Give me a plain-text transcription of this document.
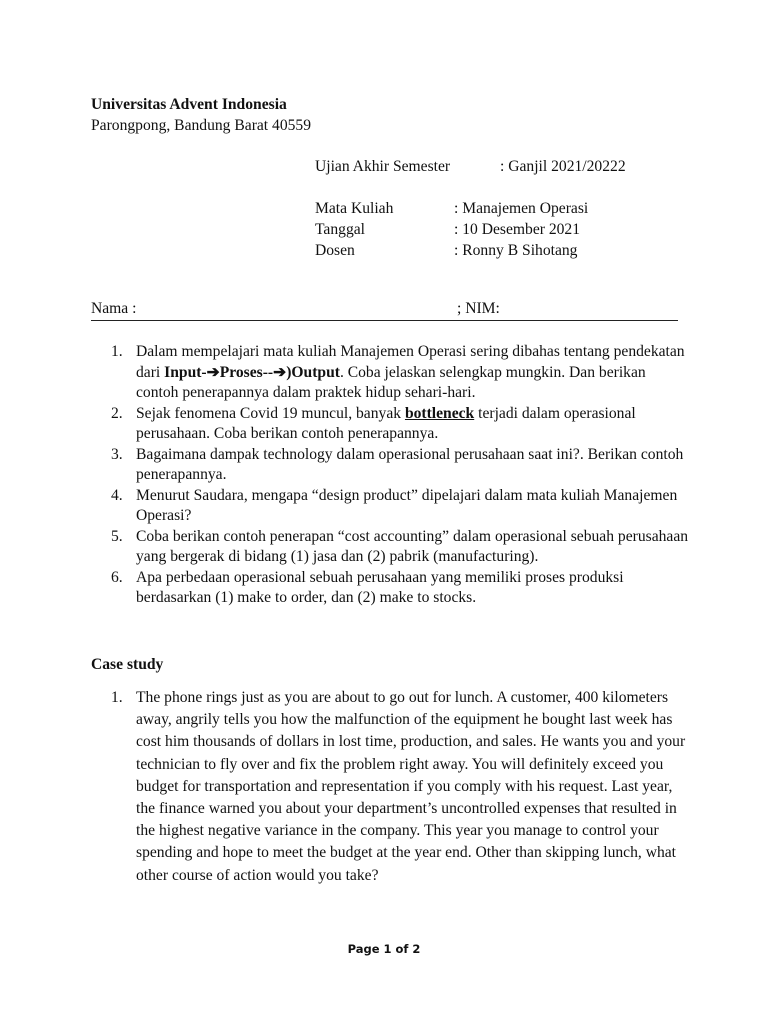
Universitas Advent Indonesia
Parongpong, Bandung Barat 40559
Ujian Akhir Semester	: Ganjil 2021/20222
Mata Kuliah	: Manajemen Operasi
Tanggal	: 10 Desember 2021
Dosen	: Ronny B Sihotang
Nama :	; NIM:
1. Dalam mempelajari mata kuliah Manajemen Operasi sering dibahas tentang pendekatan dari Input-➔Proses--➔)Output. Coba jelaskan selengkap mungkin. Dan berikan contoh penerapannya dalam praktek hidup sehari-hari.
2. Sejak fenomena Covid 19 muncul, banyak bottleneck terjadi dalam operasional perusahaan. Coba berikan contoh penerapannya.
3. Bagaimana dampak technology dalam operasional perusahaan saat ini?. Berikan contoh penerapannya.
4. Menurut Saudara, mengapa “design product” dipelajari dalam mata kuliah Manajemen Operasi?
5. Coba berikan contoh penerapan “cost accounting” dalam operasional sebuah perusahaan yang bergerak di bidang (1) jasa dan (2) pabrik (manufacturing).
6. Apa perbedaan operasional sebuah perusahaan yang memiliki proses produksi berdasarkan (1) make to order, dan (2) make to stocks.
Case study
1. The phone rings just as you are about to go out for lunch. A customer, 400 kilometers away, angrily tells you how the malfunction of the equipment he bought last week has cost him thousands of dollars in lost time, production, and sales. He wants you and your technician to fly over and fix the problem right away. You will definitely exceed you budget for transportation and representation if you comply with his request. Last year, the finance warned you about your department’s uncontrolled expenses that resulted in the highest negative variance in the company. This year you manage to control your spending and hope to meet the budget at the year end. Other than skipping lunch, what other course of action would you take?
Page 1 of 2
